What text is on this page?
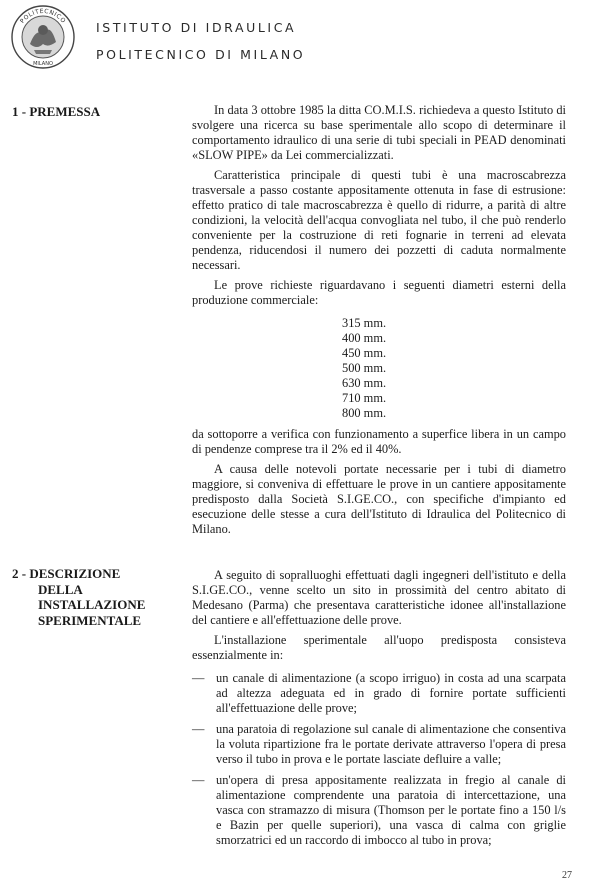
POLITECNICO
MILANO
ISTITUTO DI IDRAULICA
POLITECNICO DI MILANO
1 - PREMESSA	In data 3 ottobre 1985 la ditta CO.M.I.S. richiedeva a questo Istituto di svolgere una ricerca su base sperimentale allo scopo di determinare il comportamento idraulico di una serie di tubi speciali in PEAD denominati «SLOW PIPE» da Lei commercializzati.

Caratteristica principale di questi tubi è una macroscabrezza trasversale a passo costante appositamente ottenuta in fase di estrusione: effetto pratico di tale macroscabrezza è quello di ridurre, a parità di altre condizioni, la velocità dell'acqua convogliata nel tubo, il che può renderlo conveniente per la costruzione di reti fognarie in terreni ad elevata pendenza, riducendosi il numero dei pozzetti di caduta normalmente necessari.

Le prove richieste riguardavano i seguenti diametri esterni della produzione commerciale:

315 mm.
400 mm.
450 mm.
500 mm.
630 mm.
710 mm.
800 mm.

da sottoporre a verifica con funzionamento a superfice libera in un campo di pendenze comprese tra il 2% ed il 40%.

A causa delle notevoli portate necessarie per i tubi di diametro maggiore, si conveniva di effettuare le prove in un cantiere appositamente predisposto dalla Società S.I.GE.CO., con specifiche d'impianto ed esecuzione delle stesse a cura dell'Istituto di Idraulica del Politecnico di Milano.

2 - DESCRIZIONE
DELLA
INSTALLAZIONE
SPERIMENTALE

A seguito di sopralluoghi effettuati dagli ingegneri dell'istituto e della S.I.GE.CO., venne scelto un sito in prossimità del centro abitato di Medesano (Parma) che presentava caratteristiche idonee all'installazione del cantiere e all'effettuazione delle prove.

L'installazione sperimentale all'uopo predisposta consisteva essenzialmente in:

— un canale di alimentazione (a scopo irriguo) in costa ad una scarpata ad altezza adeguata ed in grado di fornire portate sufficienti all'effettuazione delle prove;
— una paratoia di regolazione sul canale di alimentazione che consentiva la voluta ripartizione fra le portate derivate attraverso l'opera di presa verso il tubo in prova e le portate lasciate defluire a valle;
— un'opera di presa appositamente realizzata in fregio al canale di alimentazione comprendente una paratoia di intercettazione, una vasca con stramazzo di misura (Thomson per le portate fino a 150 l/s e Bazin per quelle superiori), una vasca di calma con griglie smorzatrici ed un raccordo di imbocco al tubo in prova;
27
